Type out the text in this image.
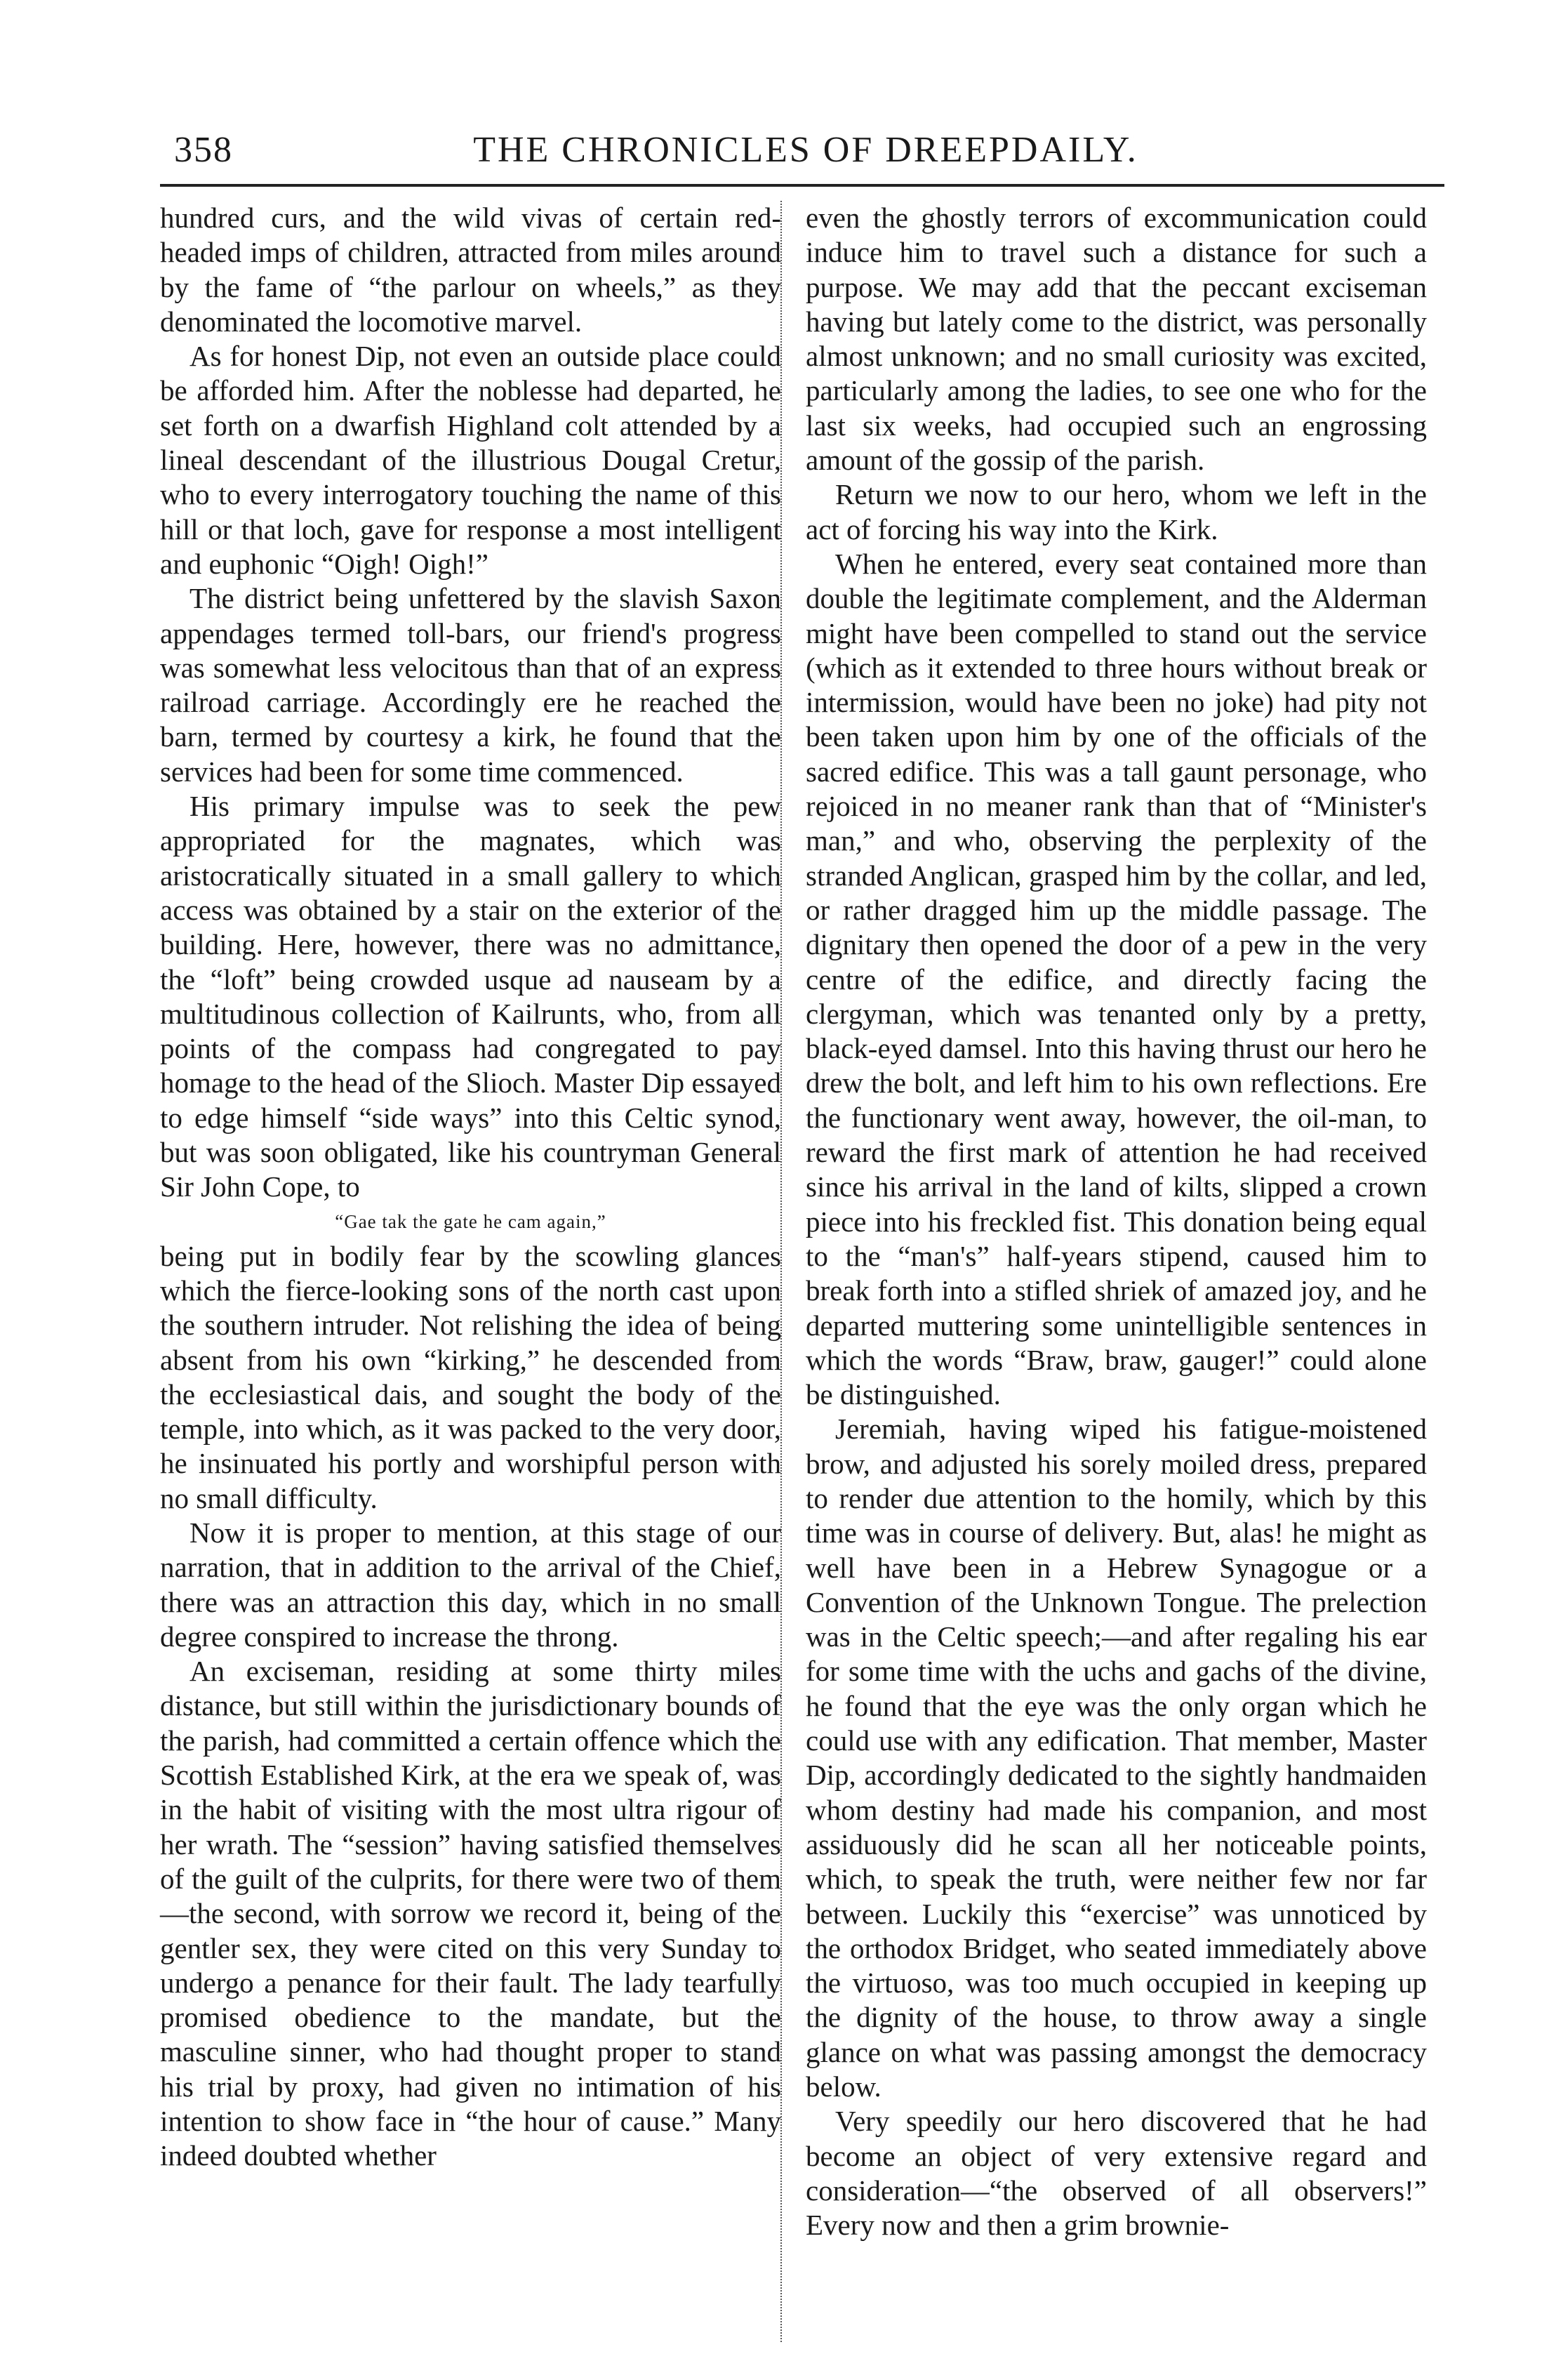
358	THE CHRONICLES OF DREEPDAILY.

hundred curs, and the wild vivas of certain red-headed imps of children, attracted from miles around by the fame of “the parlour on wheels,” as they denominated the locomotive marvel.

As for honest Dip, not even an outside place could be afforded him. After the noblesse had departed, he set forth on a dwarfish Highland colt attended by a lineal descendant of the illustrious Dougal Cretur, who to every interrogatory touching the name of this hill or that loch, gave for response a most intelligent and euphonic “Oigh! Oigh!”

The district being unfettered by the slavish Saxon appendages termed toll-bars, our friend's progress was somewhat less velocitous than that of an express railroad carriage. Accordingly ere he reached the barn, termed by courtesy a kirk, he found that the services had been for some time commenced.

His primary impulse was to seek the pew appropriated for the magnates, which was aristocratically situated in a small gallery to which access was obtained by a stair on the exterior of the building. Here, however, there was no admittance, the “loft” being crowded usque ad nauseam by a multitudinous collection of Kailrunts, who, from all points of the compass had congregated to pay homage to the head of the Slioch. Master Dip essayed to edge himself “side ways” into this Celtic synod, but was soon obligated, like his countryman General Sir John Cope, to

“Gae tak the gate he cam again,”

being put in bodily fear by the scowling glances which the fierce-looking sons of the north cast upon the southern intruder. Not relishing the idea of being absent from his own “kirking,” he descended from the ecclesiastical dais, and sought the body of the temple, into which, as it was packed to the very door, he insinuated his portly and worshipful person with no small difficulty.

Now it is proper to mention, at this stage of our narration, that in addition to the arrival of the Chief, there was an attraction this day, which in no small degree conspired to increase the throng.

An exciseman, residing at some thirty miles distance, but still within the jurisdictionary bounds of the parish, had committed a certain offence which the Scottish Established Kirk, at the era we speak of, was in the habit of visiting with the most ultra rigour of her wrath. The “session” having satisfied themselves of the guilt of the culprits, for there were two of them—the second, with sorrow we record it, being of the gentler sex, they were cited on this very Sunday to undergo a penance for their fault. The lady tearfully promised obedience to the mandate, but the masculine sinner, who had thought proper to stand his trial by proxy, had given no intimation of his intention to show face in “the hour of cause.” Many indeed doubted whether

even the ghostly terrors of excommunication could induce him to travel such a distance for such a purpose. We may add that the peccant exciseman having but lately come to the district, was personally almost unknown; and no small curiosity was excited, particularly among the ladies, to see one who for the last six weeks, had occupied such an engrossing amount of the gossip of the parish.

Return we now to our hero, whom we left in the act of forcing his way into the Kirk.

When he entered, every seat contained more than double the legitimate complement, and the Alderman might have been compelled to stand out the service (which as it extended to three hours without break or intermission, would have been no joke) had pity not been taken upon him by one of the officials of the sacred edifice. This was a tall gaunt personage, who rejoiced in no meaner rank than that of “Minister's man,” and who, observing the perplexity of the stranded Anglican, grasped him by the collar, and led, or rather dragged him up the middle passage. The dignitary then opened the door of a pew in the very centre of the edifice, and directly facing the clergyman, which was tenanted only by a pretty, black-eyed damsel. Into this having thrust our hero he drew the bolt, and left him to his own reflections. Ere the functionary went away, however, the oil-man, to reward the first mark of attention he had received since his arrival in the land of kilts, slipped a crown piece into his freckled fist. This donation being equal to the “man's” half-years stipend, caused him to break forth into a stifled shriek of amazed joy, and he departed muttering some unintelligible sentences in which the words “Braw, braw, gauger!” could alone be distinguished.

Jeremiah, having wiped his fatigue-moistened brow, and adjusted his sorely moiled dress, prepared to render due attention to the homily, which by this time was in course of delivery. But, alas! he might as well have been in a Hebrew Synagogue or a Convention of the Unknown Tongue. The prelection was in the Celtic speech;—and after regaling his ear for some time with the uchs and gachs of the divine, he found that the eye was the only organ which he could use with any edification. That member, Master Dip, accordingly dedicated to the sightly handmaiden whom destiny had made his companion, and most assiduously did he scan all her noticeable points, which, to speak the truth, were neither few nor far between. Luckily this “exercise” was unnoticed by the orthodox Bridget, who seated immediately above the virtuoso, was too much occupied in keeping up the dignity of the house, to throw away a single glance on what was passing amongst the democracy below.

Very speedily our hero discovered that he had become an object of very extensive regard and consideration—“the observed of all observers!” Every now and then a grim brownie-
